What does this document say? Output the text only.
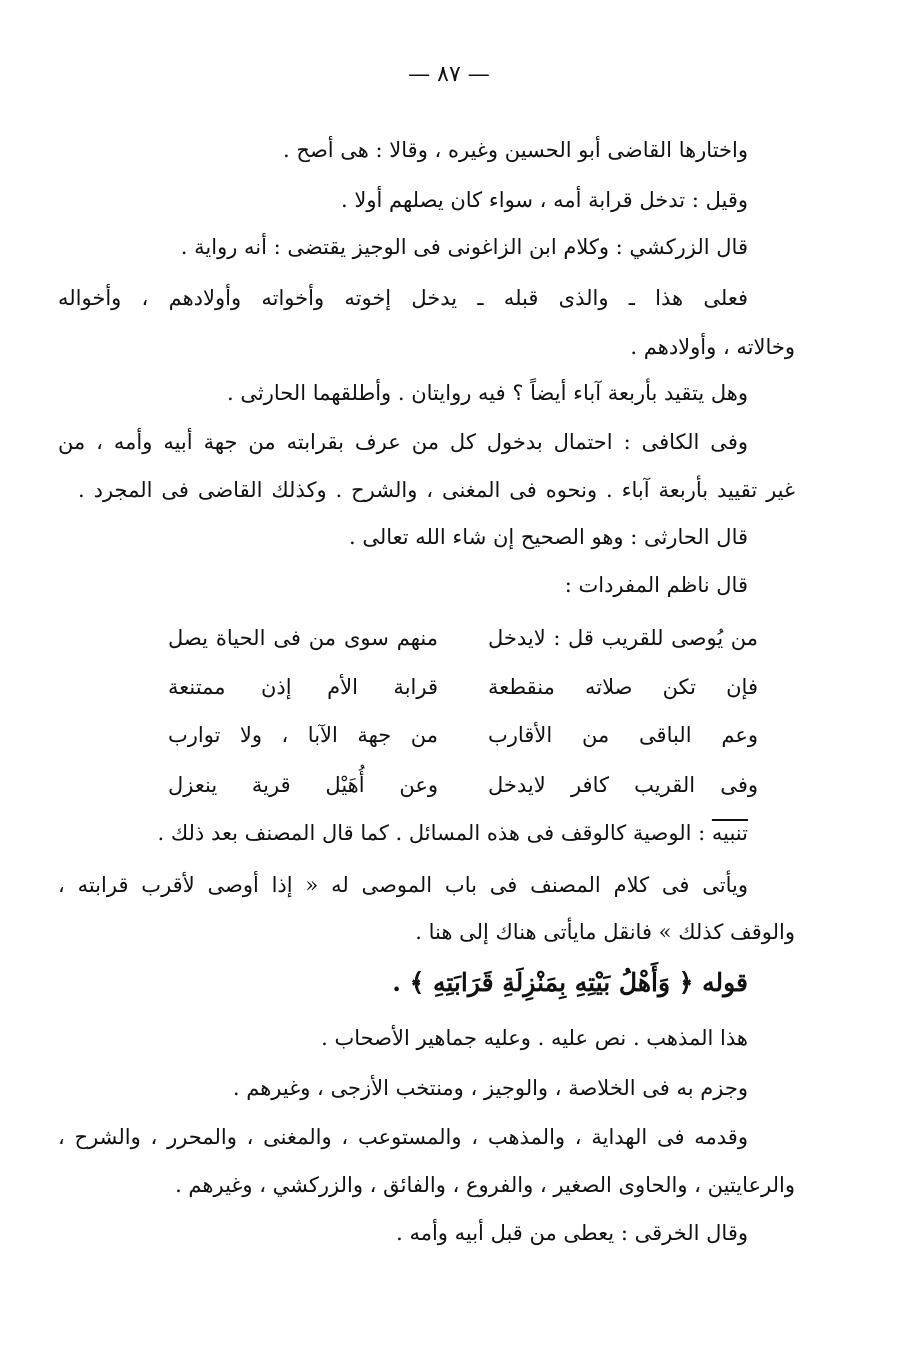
— ٨٧ —
واختارها القاضى أبو الحسين وغيره ، وقالا : هى أصح .
وقيل : تدخل قرابة أمه ، سواء كان يصلهم أولا .
قال الزركشي : وكلام ابن الزاغونى فى الوجيز يقتضى : أنه رواية .
فعلى هذا ـ والذى قبله ـ يدخل إخوته وأخواته وأولادهم ، وأخواله
وخالاته ، وأولادهم .
وهل يتقيد بأربعة آباء أيضاً ؟ فيه روايتان . وأطلقهما الحارثى .
وفى الكافى : احتمال بدخول كل من عرف بقرابته من جهة أبيه وأمه ، من
غير تقييد بأربعة آباء . ونحوه فى المغنى ، والشرح . وكذلك القاضى فى المجرد .
قال الحارثى : وهو الصحيح إن شاء الله تعالى .
قال ناظم المفردات :
من يُوصى للقريب قل : لايدخل
منهم سوى من فى الحياة يصل
فإن تكن صلاته منقطعة
قرابة الأم إذن ممتنعة
وعم الباقى من الأقارب
من جهة الآبا ، ولا توارب
وفى القريب كافر لايدخل
وعن أُهَيْل قرية ينعزل
تنبيه : الوصية كالوقف فى هذه المسائل . كما قال المصنف بعد ذلك .
ويأتى فى كلام المصنف فى باب الموصى له « إذا أوصى لأقرب قرابته ،
والوقف كذلك » فانقل مايأتى هناك إلى هنا .
قوله ﴿ وَأَهْلُ بَيْتِهِ بِمَنْزِلَةِ قَرَابَتِهِ ﴾ .
هذا المذهب . نص عليه . وعليه جماهير الأصحاب .
وجزم به فى الخلاصة ، والوجيز ، ومنتخب الأزجى ، وغيرهم .
وقدمه فى الهداية ، والمذهب ، والمستوعب ، والمغنى ، والمحرر ، والشرح ،
والرعايتين ، والحاوى الصغير ، والفروع ، والفائق ، والزركشي ، وغيرهم .
وقال الخرقى : يعطى من قبل أبيه وأمه .
